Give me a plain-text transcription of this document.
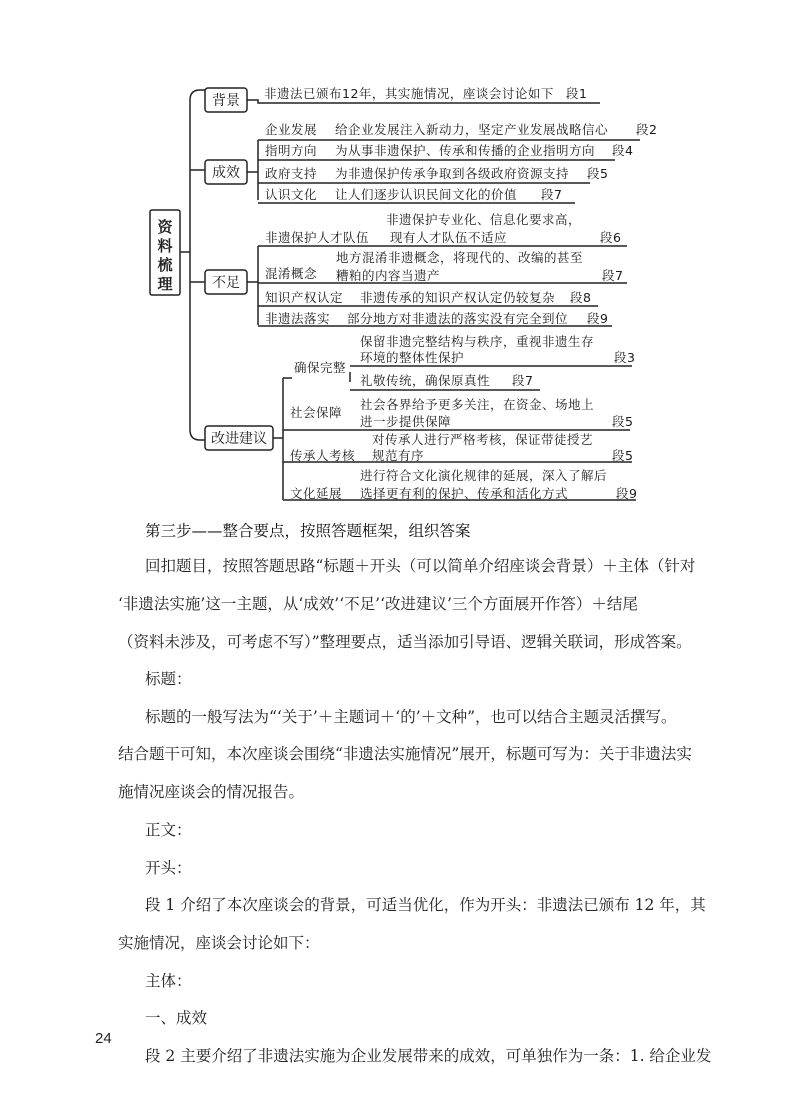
资料梳理
背景
成效
不足
改进建议
非遗法已颁布12年，其实施情况，座谈会讨论如下 段1
企业发展 给企业发展注入新动力，坚定产业发展战略信心 段2
指明方向 为从事非遗保护、传承和传播的企业指明方向 段4
政府支持 为非遗保护传承争取到各级政府资源支持 段5
认识文化 让人们逐步认识民间文化的价值 段7
非遗保护专业化、信息化要求高，
非遗保护人才队伍 现有人才队伍不适应	段6
地方混淆非遗概念，将现代的、改编的甚至
混淆概念 糟粕的内容当遗产	段7
知识产权认定 非遗传承的知识产权认定仍较复杂 段8
非遗法落实 部分地方对非遗法的落实没有完全到位 段9
确保完整
保留非遗完整结构与秩序，重视非遗生存
环境的整体性保护	段3
礼敬传统，确保原真性 段7
社会各界给予更多关注，在资金、场地上
社会保障
进一步提供保障	段5
对传承人进行严格考核，保证带徒授艺
传承人考核 规范有序	段5
进行符合文化演化规律的延展，深入了解后
文化延展 选择更有利的保护、传承和活化方式	段9
第三步——整合要点，按照答题框架，组织答案
回扣题目，按照答题思路“标题＋开头（可以简单介绍座谈会背景）＋主体（针对
‘非遗法实施’这一主题，从‘成效’‘不足’‘改进建议’三个方面展开作答）＋结尾
（资料未涉及，可考虑不写）”整理要点，适当添加引导语、逻辑关联词，形成答案。
标题：
标题的一般写法为“‘关于’＋主题词＋‘的’＋文种”，也可以结合主题灵活撰写。
结合题干可知，本次座谈会围绕“非遗法实施情况”展开，标题可写为：关于非遗法实
施情况座谈会的情况报告。
正文：
开头：
段 1 介绍了本次座谈会的背景，可适当优化，作为开头：非遗法已颁布 12 年，其
实施情况，座谈会讨论如下：
主体：
一、成效
段 2 主要介绍了非遗法实施为企业发展带来的成效，可单独作为一条：1. 给企业发
24
